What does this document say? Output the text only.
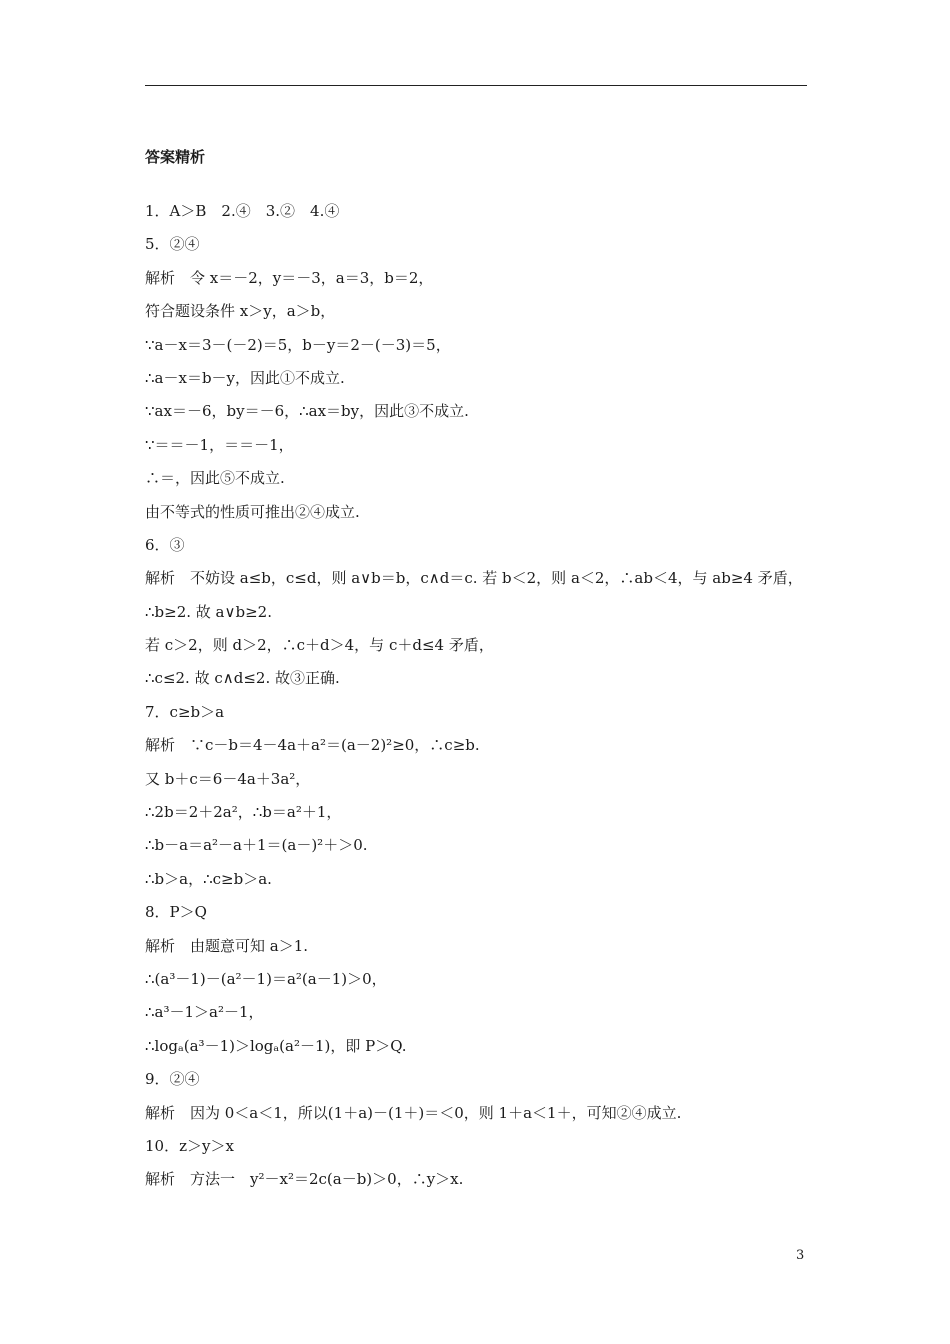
答案精析
1．A＞B　2.④　3.②　4.④
5．②④
解析　令 x＝－2，y＝－3，a＝3，b＝2，
符合题设条件 x＞y，a＞b，
∵a－x＝3－(－2)＝5，b－y＝2－(－3)＝5，
∴a－x＝b－y，因此①不成立.
∵ax＝－6，by＝－6，∴ax＝by，因此③不成立.
∵＝＝－1，＝＝－1，
∴＝，因此⑤不成立.
由不等式的性质可推出②④成立.
6．③
解析　不妨设 a≤b，c≤d，则 a∨b＝b，c∧d＝c. 若 b＜2，则 a＜2，∴ab＜4，与 ab≥4 矛盾，
∴b≥2. 故 a∨b≥2.
若 c＞2，则 d＞2，∴c＋d＞4，与 c＋d≤4 矛盾，
∴c≤2. 故 c∧d≤2. 故③正确.
7．c≥b＞a
解析　∵c－b＝4－4a＋a²＝(a－2)²≥0，∴c≥b.
又 b＋c＝6－4a＋3a²，
∴2b＝2＋2a²，∴b＝a²＋1，
∴b－a＝a²－a＋1＝(a－)²＋＞0.
∴b＞a，∴c≥b＞a.
8．P＞Q
解析　由题意可知 a＞1.
∴(a³－1)－(a²－1)＝a²(a－1)＞0，
∴a³－1＞a²－1，
∴logₐ(a³－1)＞logₐ(a²－1)，即 P＞Q.
9．②④
解析　因为 0＜a＜1，所以(1＋a)－(1＋)＝＜0，则 1＋a＜1＋，可知②④成立.
10．z＞y＞x
解析　方法一　y²－x²＝2c(a－b)＞0，∴y＞x.
3
